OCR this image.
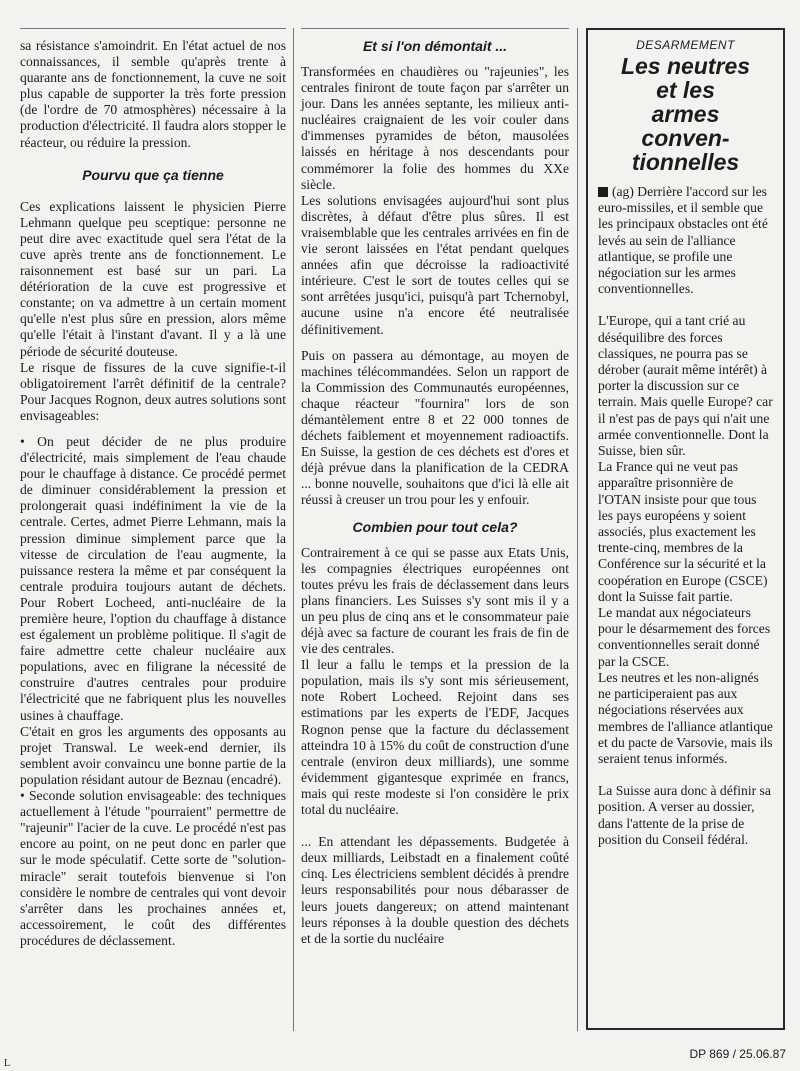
sa résistance s'amoindrit. En l'état actuel de nos connaissances, il semble qu'après trente à quarante ans de fonctionnement, la cuve ne soit plus capable de supporter la très forte pression (de l'ordre de 70 atmosphères) nécessaire à la production d'électricité. Il faudra alors stopper le réacteur, ou réduire la pression.

Pourvu que ça tienne

Ces explications laissent le physicien Pierre Lehmann quelque peu sceptique: personne ne peut dire avec exactitude quel sera l'état de la cuve après trente ans de fonctionnement. Le raisonnement est basé sur un pari. La détérioration de la cuve est progressive et constante; on va admettre à un certain moment qu'elle n'est plus sûre en pression, alors même qu'elle l'était à l'instant d'avant. Il y a là une période de sécurité douteuse.

Le risque de fissures de la cuve signifie-t-il obligatoirement l'arrêt définitif de la centrale? Pour Jacques Rognon, deux autres solutions sont envisageables:

• On peut décider de ne plus produire d'électricité, mais simplement de l'eau chaude pour le chauffage à distance. Ce procédé permet de diminuer considérablement la pression et prolongerait quasi indéfiniment la vie de la centrale. Certes, admet Pierre Lehmann, mais la pression diminue simplement parce que la vitesse de circulation de l'eau augmente, la puissance restera la même et par conséquent la centrale produira toujours autant de déchets. Pour Robert Locheed, anti-nucléaire de la première heure, l'option du chauffage à distance est également un problème politique. Il s'agit de faire admettre cette chaleur nucléaire aux populations, avec en filigrane la nécessité de construire d'autres centrales pour produire l'électricité que ne fabriquent plus les nouvelles usines à chauffage.

C'était en gros les arguments des opposants au projet Transwal. Le week-end dernier, ils semblent avoir convaincu une bonne partie de la population résidant autour de Beznau (encadré).

• Seconde solution envisageable: des techniques actuellement à l'étude "pourraient" permettre de "rajeunir" l'acier de la cuve. Le procédé n'est pas encore au point, on ne peut donc en parler que sur le mode spéculatif. Cette sorte de "solution-miracle" serait toutefois bienvenue si l'on considère le nombre de centrales qui vont devoir s'arrêter dans les prochaines années et, accessoirement, le coût des différentes procédures de déclassement.

Et si l'on démontait ...

Transformées en chaudières ou "rajeunies", les centrales finiront de toute façon par s'arrêter un jour. Dans les années septante, les milieux anti-nucléaires craignaient de les voir couler dans d'immenses pyramides de béton, mausolées laissés en héritage à nos descendants pour commémorer la folie des hommes du XXe siècle.

Les solutions envisagées aujourd'hui sont plus discrètes, à défaut d'être plus sûres. Il est vraisemblable que les centrales arrivées en fin de vie seront laissées en l'état pendant quelques années afin que décroisse la radioactivité intérieure. C'est le sort de toutes celles qui se sont arrêtées jusqu'ici, puisqu'à part Tchernobyl, aucune usine n'a encore été neutralisée définitivement.

Puis on passera au démontage, au moyen de machines télécommandées. Selon un rapport de la Commission des Communautés européennes, chaque réacteur "fournira" lors de son démantèlement entre 8 et 22 000 tonnes de déchets faiblement et moyennement radioactifs. En Suisse, la gestion de ces déchets est d'ores et déjà prévue dans la planification de la CEDRA ... bonne nouvelle, souhaitons que d'ici là elle ait réussi à creuser un trou pour les y enfouir.

Combien pour tout cela?

Contrairement à ce qui se passe aux Etats Unis, les compagnies électriques européennes ont toutes prévu les frais de déclassement dans leurs plans financiers. Les Suisses s'y sont mis il y a un peu plus de cinq ans et le consommateur paie déjà avec sa facture de courant les frais de fin de vie des centrales.

Il leur a fallu le temps et la pression de la population, mais ils s'y sont mis sérieusement, note Robert Locheed. Rejoint dans ses estimations par les experts de l'EDF, Jacques Rognon pense que la facture du déclassement atteindra 10 à 15% du coût de construction d'une centrale (environ deux milliards), une somme évidemment gigantesque exprimée en francs, mais qui reste modeste si l'on considère le prix total du nucléaire.

... En attendant les dépassements. Budgetée à deux milliards, Leibstadt en a finalement coûté cinq. Les électriciens semblent décidés à prendre leurs responsabilités pour nous débarasser de leurs jouets dangereux; on attend maintenant leurs réponses à la double question des déchets et de la sortie du nucléaire

DESARMEMENT

Les neutres
et les
armes
conven-
tionnelles

(ag) Derrière l'accord sur les euro-missiles, et il semble que les principaux obstacles ont été levés au sein de l'alliance atlantique, se profile une négociation sur les armes conventionnelles.

L'Europe, qui a tant crié au déséquilibre des forces classiques, ne pourra pas se dérober (aurait même intérêt) à porter la discussion sur ce terrain. Mais quelle Europe? car il n'est pas de pays qui n'ait une armée conventionnelle. Dont la Suisse, bien sûr.

La France qui ne veut pas apparaître prisonnière de l'OTAN insiste pour que tous les pays européens y soient associés, plus exactement les trente-cinq, membres de la Conférence sur la sécurité et la coopération en Europe (CSCE) dont la Suisse fait partie.

Le mandat aux négociateurs pour le désarmement des forces conventionnelles serait donné par la CSCE.

Les neutres et les non-alignés ne participeraient pas aux négociations réservées aux membres de l'alliance atlantique et du pacte de Varsovie, mais ils seraient tenus informés.

La Suisse aura donc à définir sa position. A verser au dossier, dans l'attente de la prise de position du Conseil fédéral.

DP 869 / 25.06.87
L
